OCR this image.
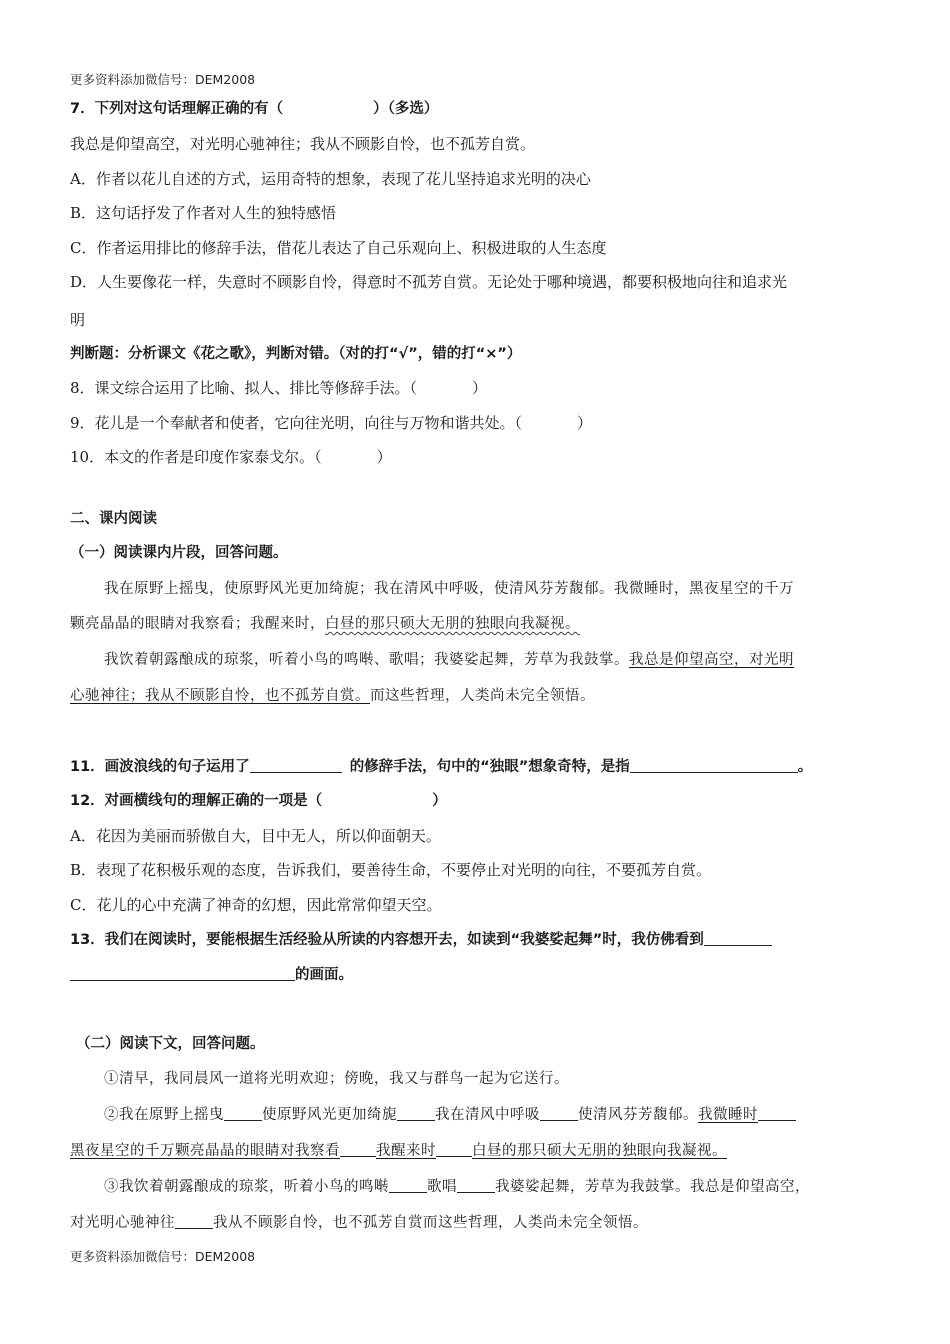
更多资料添加微信号：DEM2008
7．下列对这句话理解正确的有（	）（多选）
我总是仰望高空，对光明心驰神往；我从不顾影自怜，也不孤芳自赏。
A．作者以花儿自述的方式，运用奇特的想象，表现了花儿坚持追求光明的决心
B．这句话抒发了作者对人生的独特感悟
C．作者运用排比的修辞手法，借花儿表达了自己乐观向上、积极进取的人生态度
D．人生要像花一样，失意时不顾影自怜，得意时不孤芳自赏。无论处于哪种境遇，都要积极地向往和追求光
明
判断题：分析课文《花之歌》，判断对错。（对的打“√”，错的打“×”）
8．课文综合运用了比喻、拟人、排比等修辞手法。（	）
9．花儿是一个奉献者和使者，它向往光明，向往与万物和谐共处。（	）
10．本文的作者是印度作家泰戈尔。（	）
二、课内阅读
（一）阅读课内片段，回答问题。
我在原野上摇曳，使原野风光更加绮旎；我在清风中呼吸，使清风芬芳馥郁。我微睡时，黑夜星空的千万
颗亮晶晶的眼睛对我察看；我醒来时，白昼的那只硕大无朋的独眼向我凝视。
我饮着朝露酿成的琼浆，听着小鸟的鸣啭、歌唱；我婆娑起舞，芳草为我鼓掌。我总是仰望高空，对光明
心驰神往；我从不顾影自怜，也不孤芳自赏。而这些哲理，人类尚未完全领悟。
11．画波浪线的句子运用了	的修辞手法，句中的“独眼”想象奇特，是指	。
12．对画横线句的理解正确的一项是（	）
A．花因为美丽而骄傲自大，目中无人，所以仰面朝天。
B．表现了花积极乐观的态度，告诉我们，要善待生命，不要停止对光明的向往，不要孤芳自赏。
C．花儿的心中充满了神奇的幻想，因此常常仰望天空。
13．我们在阅读时，要能根据生活经验从所读的内容想开去，如读到“我婆娑起舞”时，我仿佛看到
的画面。
（二）阅读下文，回答问题。
①清早，我同晨风一道将光明欢迎；傍晚，我又与群鸟一起为它送行。
②我在原野上摇曳	使原野风光更加绮旎	我在清风中呼吸	使清风芬芳馥郁。我微睡时
黑夜星空的千万颗亮晶晶的眼睛对我察看 我醒来时 白昼的那只硕大无朋的独眼向我凝视。
③我饮着朝露酿成的琼浆，听着小鸟的鸣啭	歌唱	我婆娑起舞，芳草为我鼓掌。我总是仰望高空，
对光明心驰神往	我从不顾影自怜，也不孤芳自赏而这些哲理，人类尚未完全领悟。
更多资料添加微信号：DEM2008
